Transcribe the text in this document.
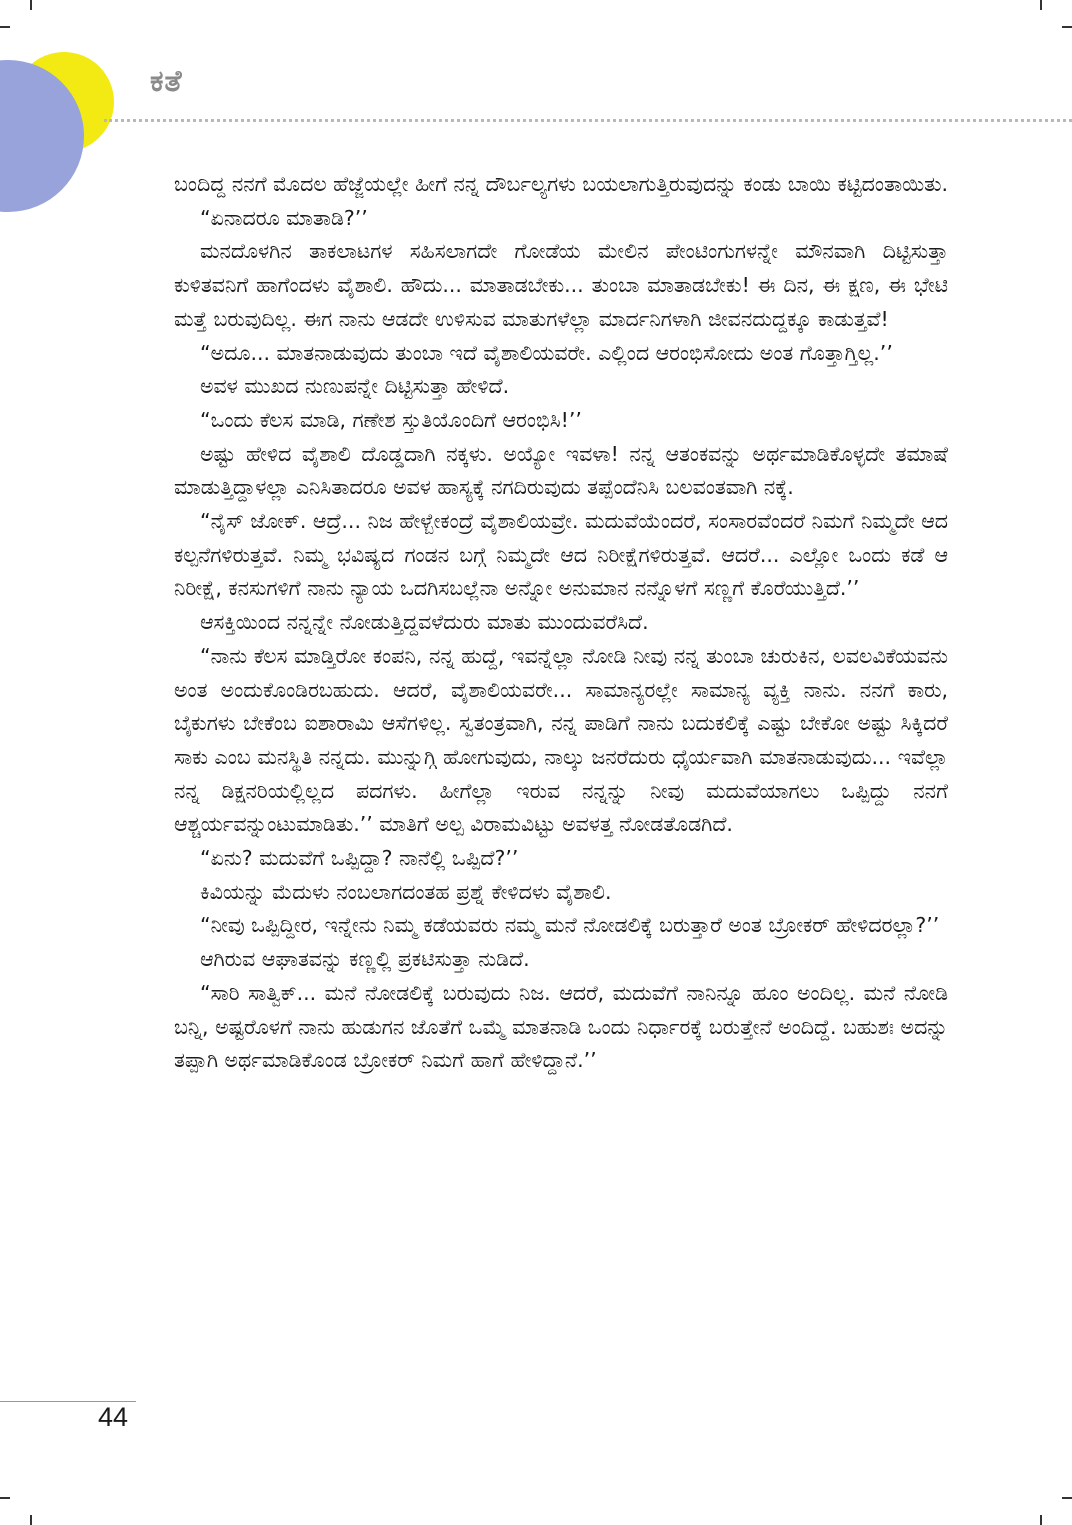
ಕತೆ

ಬಂದಿದ್ದ ನನಗೆ ಮೊದಲ ಹೆಜ್ಜೆಯಲ್ಲೇ ಹೀಗೆ ನನ್ನ ದೌರ್ಬಲ್ಯಗಳು ಬಯಲಾಗುತ್ತಿರುವುದನ್ನು ಕಂಡು ಬಾಯಿ ಕಟ್ಟಿದಂತಾಯಿತು.

“ಏನಾದರೂ ಮಾತಾಡಿ?’’

ಮನದೊಳಗಿನ ತಾಕಲಾಟಗಳ ಸಹಿಸಲಾಗದೇ ಗೋಡೆಯ ಮೇಲಿನ ಪೇಂಟಿಂಗುಗಳನ್ನೇ ಮೌನವಾಗಿ ದಿಟ್ಟಿಸುತ್ತಾ ಕುಳಿತವನಿಗೆ ಹಾಗೆಂದಳು ವೈಶಾಲಿ. ಹೌದು... ಮಾತಾಡಬೇಕು... ತುಂಬಾ ಮಾತಾಡಬೇಕು! ಈ ದಿನ, ಈ ಕ್ಷಣ, ಈ ಭೇಟಿ ಮತ್ತೆ ಬರುವುದಿಲ್ಲ. ಈಗ ನಾನು ಆಡದೇ ಉಳಿಸುವ ಮಾತುಗಳೆಲ್ಲಾ ಮಾರ್ದನಿಗಳಾಗಿ ಜೀವನದುದ್ದಕ್ಕೂ ಕಾಡುತ್ತವೆ!

“ಅದೂ... ಮಾತನಾಡುವುದು ತುಂಬಾ ಇದೆ ವೈಶಾಲಿಯವರೇ. ಎಲ್ಲಿಂದ ಆರಂಭಿಸೋದು ಅಂತ ಗೊತ್ತಾಗ್ತಿಲ್ಲ.’’

ಅವಳ ಮುಖದ ನುಣುಪನ್ನೇ ದಿಟ್ಟಿಸುತ್ತಾ ಹೇಳಿದೆ.

“ಒಂದು ಕೆಲಸ ಮಾಡಿ, ಗಣೇಶ ಸ್ತುತಿಯೊಂದಿಗೆ ಆರಂಭಿಸಿ!’’

ಅಷ್ಟು ಹೇಳಿದ ವೈಶಾಲಿ ದೊಡ್ಡದಾಗಿ ನಕ್ಕಳು. ಅಯ್ಯೋ ಇವಳಾ! ನನ್ನ ಆತಂಕವನ್ನು ಅರ್ಥಮಾಡಿಕೊಳ್ಳದೇ ತಮಾಷೆ ಮಾಡುತ್ತಿದ್ದಾಳಲ್ಲಾ ಎನಿಸಿತಾದರೂ ಅವಳ ಹಾಸ್ಯಕ್ಕೆ ನಗದಿರುವುದು ತಪ್ಪೆಂದೆನಿಸಿ ಬಲವಂತವಾಗಿ ನಕ್ಕೆ.

“ನೈಸ್ ಜೋಕ್. ಆದ್ರೆ... ನಿಜ ಹೇಳ್ಬೇಕಂದ್ರೆ ವೈಶಾಲಿಯವ್ರೇ. ಮದುವೆಯೆಂದರೆ, ಸಂಸಾರವೆಂದರೆ ನಿಮಗೆ ನಿಮ್ಮದೇ ಆದ ಕಲ್ಪನೆಗಳಿರುತ್ತವೆ. ನಿಮ್ಮ ಭವಿಷ್ಯದ ಗಂಡನ ಬಗ್ಗೆ ನಿಮ್ಮದೇ ಆದ ನಿರೀಕ್ಷೆಗಳಿರುತ್ತವೆ. ಆದರೆ... ಎಲ್ಲೋ ಒಂದು ಕಡೆ ಆ ನಿರೀಕ್ಷೆ, ಕನಸುಗಳಿಗೆ ನಾನು ನ್ಯಾಯ ಒದಗಿಸಬಲ್ಲೆನಾ ಅನ್ನೋ ಅನುಮಾನ ನನ್ನೊಳಗೆ ಸಣ್ಣಗೆ ಕೊರೆಯುತ್ತಿದೆ.’’

ಆಸಕ್ತಿಯಿಂದ ನನ್ನನ್ನೇ ನೋಡುತ್ತಿದ್ದವಳೆದುರು ಮಾತು ಮುಂದುವರೆಸಿದೆ.

“ನಾನು ಕೆಲಸ ಮಾಡ್ತಿರೋ ಕಂಪನಿ, ನನ್ನ ಹುದ್ದೆ, ಇವನ್ನೆಲ್ಲಾ ನೋಡಿ ನೀವು ನನ್ನ ತುಂಬಾ ಚುರುಕಿನ, ಲವಲವಿಕೆಯವನು ಅಂತ ಅಂದುಕೊಂಡಿರಬಹುದು. ಆದರೆ, ವೈಶಾಲಿಯವರೇ... ಸಾಮಾನ್ಯರಲ್ಲೇ ಸಾಮಾನ್ಯ ವ್ಯಕ್ತಿ ನಾನು. ನನಗೆ ಕಾರು, ಬೈಕುಗಳು ಬೇಕೆಂಬ ಐಶಾರಾಮಿ ಆಸೆಗಳಿಲ್ಲ. ಸ್ವತಂತ್ರವಾಗಿ, ನನ್ನ ಪಾಡಿಗೆ ನಾನು ಬದುಕಲಿಕ್ಕೆ ಎಷ್ಟು ಬೇಕೋ ಅಷ್ಟು ಸಿಕ್ಕಿದರೆ ಸಾಕು ಎಂಬ ಮನಸ್ಥಿತಿ ನನ್ನದು. ಮುನ್ನುಗ್ಗಿ ಹೋಗುವುದು, ನಾಲ್ಕು ಜನರೆದುರು ಧೈರ್ಯವಾಗಿ ಮಾತನಾಡುವುದು... ಇವೆಲ್ಲಾ ನನ್ನ ಡಿಕ್ಷನರಿಯಲ್ಲಿಲ್ಲದ ಪದಗಳು. ಹೀಗೆಲ್ಲಾ ಇರುವ ನನ್ನನ್ನು ನೀವು ಮದುವೆಯಾಗಲು ಒಪ್ಪಿದ್ದು ನನಗೆ ಆಶ್ಚರ್ಯವನ್ನುಂಟುಮಾಡಿತು.’’ ಮಾತಿಗೆ ಅಲ್ಪ ವಿರಾಮವಿಟ್ಟು ಅವಳತ್ತ ನೋಡತೊಡಗಿದೆ.

“ಏನು? ಮದುವೆಗೆ ಒಪ್ಪಿದ್ದಾ? ನಾನೆಲ್ಲಿ ಒಪ್ಪಿದೆ?’’

ಕಿವಿಯನ್ನು ಮೆದುಳು ನಂಬಲಾಗದಂತಹ ಪ್ರಶ್ನೆ ಕೇಳಿದಳು ವೈಶಾಲಿ.

“ನೀವು ಒಪ್ಪಿದ್ದೀರ, ಇನ್ನೇನು ನಿಮ್ಮ ಕಡೆಯವರು ನಮ್ಮ ಮನೆ ನೋಡಲಿಕ್ಕೆ ಬರುತ್ತಾರೆ ಅಂತ ಬ್ರೋಕರ್ ಹೇಳಿದರಲ್ಲಾ?’’

ಆಗಿರುವ ಆಘಾತವನ್ನು ಕಣ್ಣಲ್ಲಿ ಪ್ರಕಟಿಸುತ್ತಾ ನುಡಿದೆ.

“ಸಾರಿ ಸಾತ್ವಿಕ್... ಮನೆ ನೋಡಲಿಕ್ಕೆ ಬರುವುದು ನಿಜ. ಆದರೆ, ಮದುವೆಗೆ ನಾನಿನ್ನೂ ಹೂಂ ಅಂದಿಲ್ಲ. ಮನೆ ನೋಡಿ ಬನ್ನಿ, ಅಷ್ಟರೊಳಗೆ ನಾನು ಹುಡುಗನ ಜೊತೆಗೆ ಒಮ್ಮೆ ಮಾತನಾಡಿ ಒಂದು ನಿರ್ಧಾರಕ್ಕೆ ಬರುತ್ತೇನೆ ಅಂದಿದ್ದೆ. ಬಹುಶಃ ಅದನ್ನು ತಪ್ಪಾಗಿ ಅರ್ಥಮಾಡಿಕೊಂಡ ಬ್ರೋಕರ್ ನಿಮಗೆ ಹಾಗೆ ಹೇಳಿದ್ದಾನೆ.’’

44
